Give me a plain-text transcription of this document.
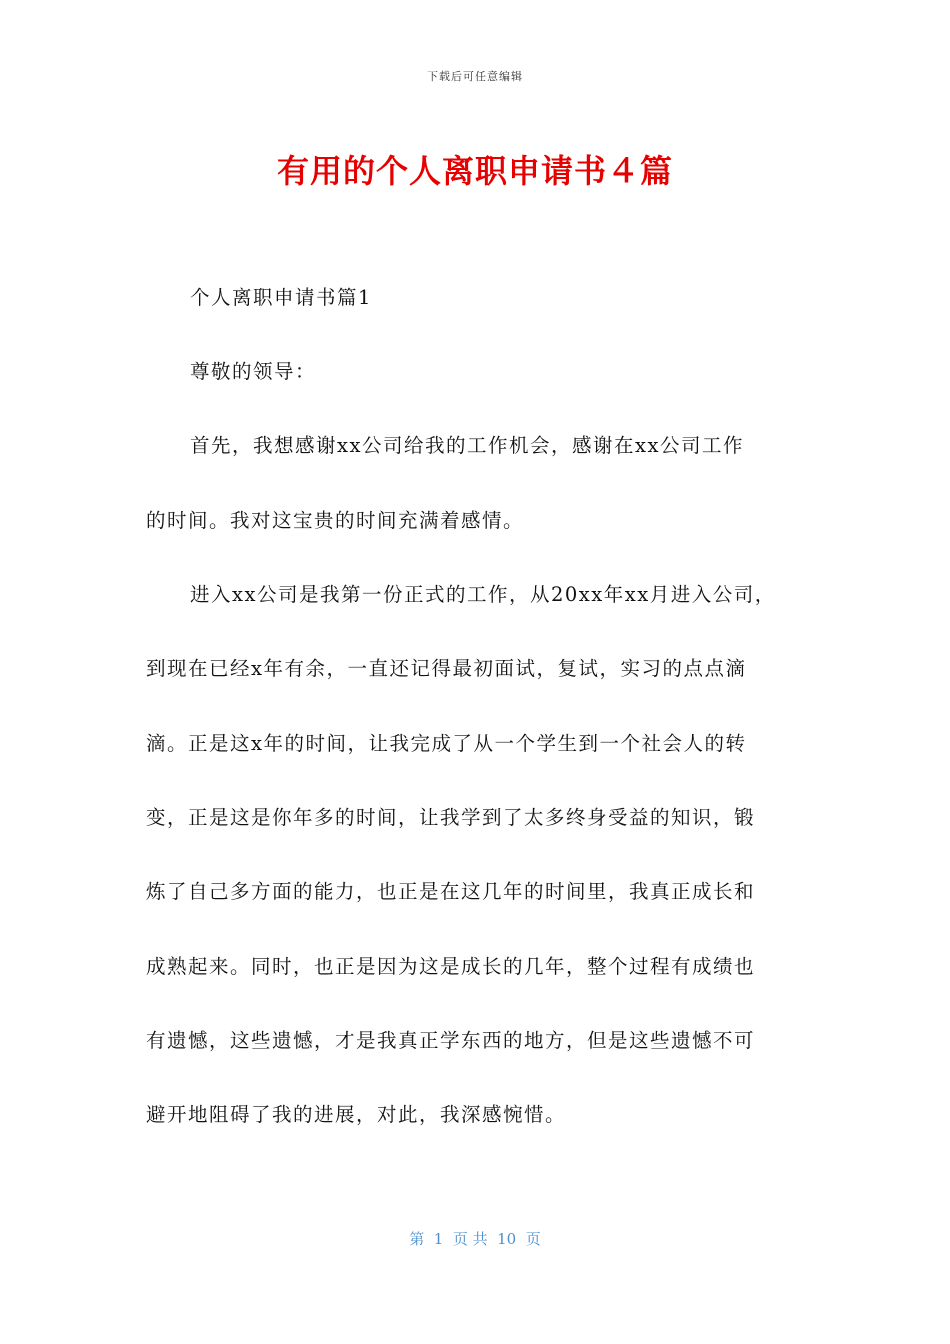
下载后可任意编辑
有用的个人离职申请书４篇
个人离职申请书篇1
尊敬的领导：
首先，我想感谢xx公司给我的工作机会，感谢在xx公司工作
的时间。我对这宝贵的时间充满着感情。
进入xx公司是我第一份正式的工作，从20xx年xx月进入公司，
到现在已经x年有余，一直还记得最初面试，复试，实习的点点滴
滴。正是这x年的时间，让我完成了从一个学生到一个社会人的转
变，正是这是你年多的时间，让我学到了太多终身受益的知识，锻
炼了自己多方面的能力，也正是在这几年的时间里，我真正成长和
成熟起来。同时，也正是因为这是成长的几年，整个过程有成绩也
有遗憾，这些遗憾，才是我真正学东西的地方，但是这些遗憾不可
避开地阻碍了我的进展，对此，我深感惋惜。
第  1  页 共  10  页
